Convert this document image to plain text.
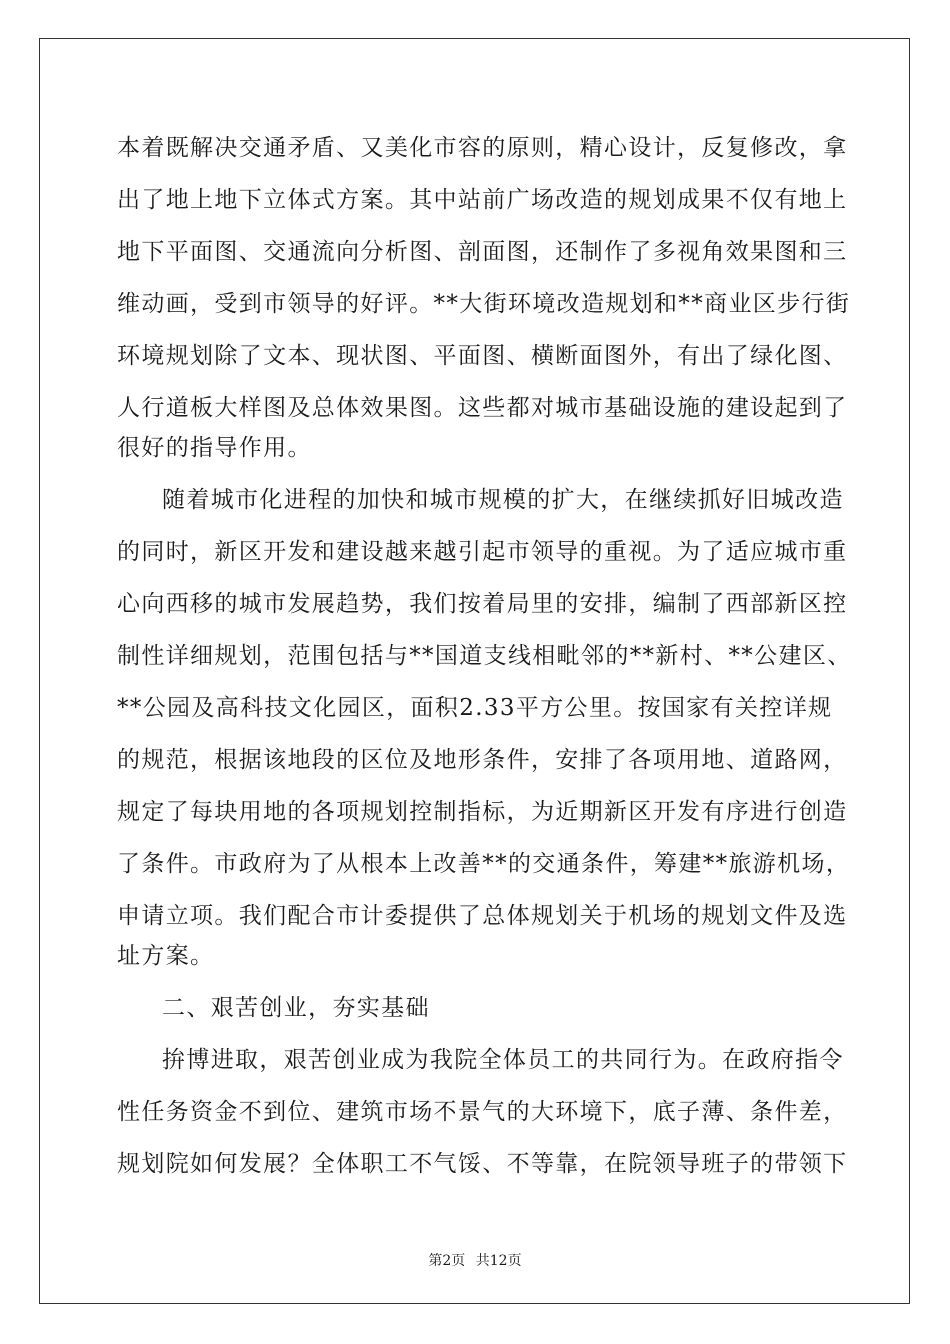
本着既解决交通矛盾、又美化市容的原则，精心设计，反复修改，拿
出了地上地下立体式方案。其中站前广场改造的规划成果不仅有地上
地下平面图、交通流向分析图、剖面图，还制作了多视角效果图和三
维动画，受到市领导的好评。**大街环境改造规划和**商业区步行街
环境规划除了文本、现状图、平面图、横断面图外，有出了绿化图、
人行道板大样图及总体效果图。这些都对城市基础设施的建设起到了
很好的指导作用。
随着城市化进程的加快和城市规模的扩大，在继续抓好旧城改造
的同时，新区开发和建设越来越引起市领导的重视。为了适应城市重
心向西移的城市发展趋势，我们按着局里的安排，编制了西部新区控
制性详细规划，范围包括与**国道支线相毗邻的**新村、**公建区、
**公园及高科技文化园区，面积2.33平方公里。按国家有关控详规
的规范，根据该地段的区位及地形条件，安排了各项用地、道路网，
规定了每块用地的各项规划控制指标，为近期新区开发有序进行创造
了条件。市政府为了从根本上改善**的交通条件，筹建**旅游机场，
申请立项。我们配合市计委提供了总体规划关于机场的规划文件及选
址方案。
二、艰苦创业，夯实基础
拚博进取，艰苦创业成为我院全体员工的共同行为。在政府指令
性任务资金不到位、建筑市场不景气的大环境下，底子薄、条件差，
规划院如何发展？全体职工不气馁、不等靠，在院领导班子的带领下
第2页 共12页
